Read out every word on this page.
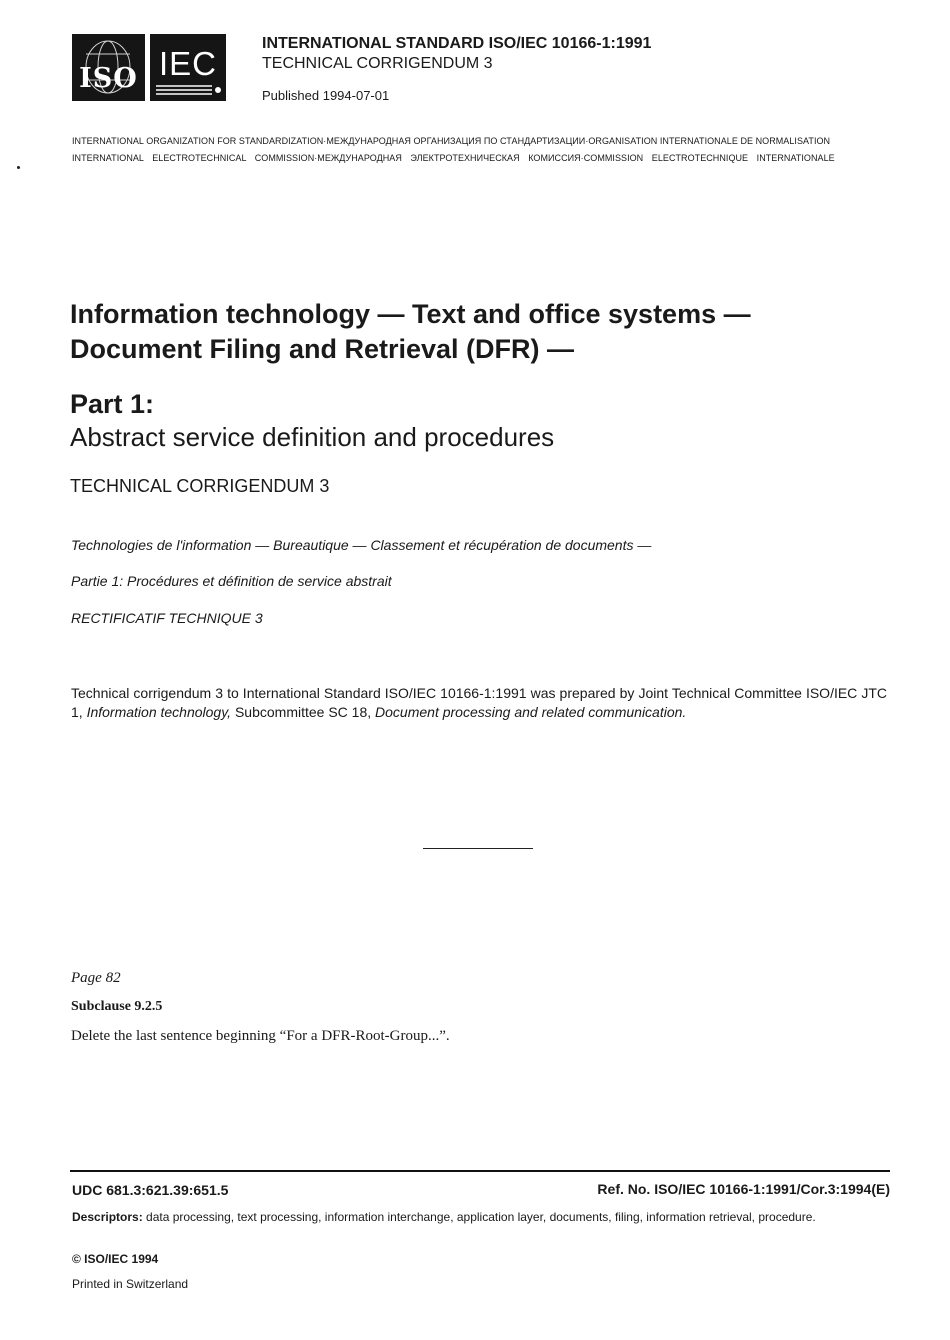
ISO IEC
INTERNATIONAL STANDARD ISO/IEC 10166-1:1991
TECHNICAL CORRIGENDUM 3
Published 1994-07-01
INTERNATIONAL ORGANIZATION FOR STANDARDIZATION·МЕЖДУНАРОДНАЯ ОРГАНИЗАЦИЯ ПО СТАНДАРТИЗАЦИИ·ORGANISATION INTERNATIONALE DE NORMALISATION
INTERNATIONAL ELECTROTECHNICAL COMMISSION·МЕЖДУНАРОДНАЯ ЭЛЕКТРОТЕХНИЧЕСКАЯ КОМИССИЯ·COMMISSION ELECTROTECHNIQUE INTERNATIONALE
Information technology — Text and office systems —
Document Filing and Retrieval (DFR) —
Part 1:
Abstract service definition and procedures
TECHNICAL CORRIGENDUM 3
Technologies de l'information — Bureautique — Classement et récupération de documents —
Partie 1: Procédures et définition de service abstrait
RECTIFICATIF TECHNIQUE 3
Technical corrigendum 3 to International Standard ISO/IEC 10166-1:1991 was prepared by Joint Technical Committee ISO/IEC JTC 1, Information technology, Subcommittee SC 18, Document processing and related communication.
Page 82
Subclause 9.2.5
Delete the last sentence beginning “For a DFR-Root-Group...”.
UDC 681.3:621.39:651.5	Ref. No. ISO/IEC 10166-1:1991/Cor.3:1994(E)
Descriptors: data processing, text processing, information interchange, application layer, documents, filing, information retrieval, procedure.
© ISO/IEC 1994
Printed in Switzerland
